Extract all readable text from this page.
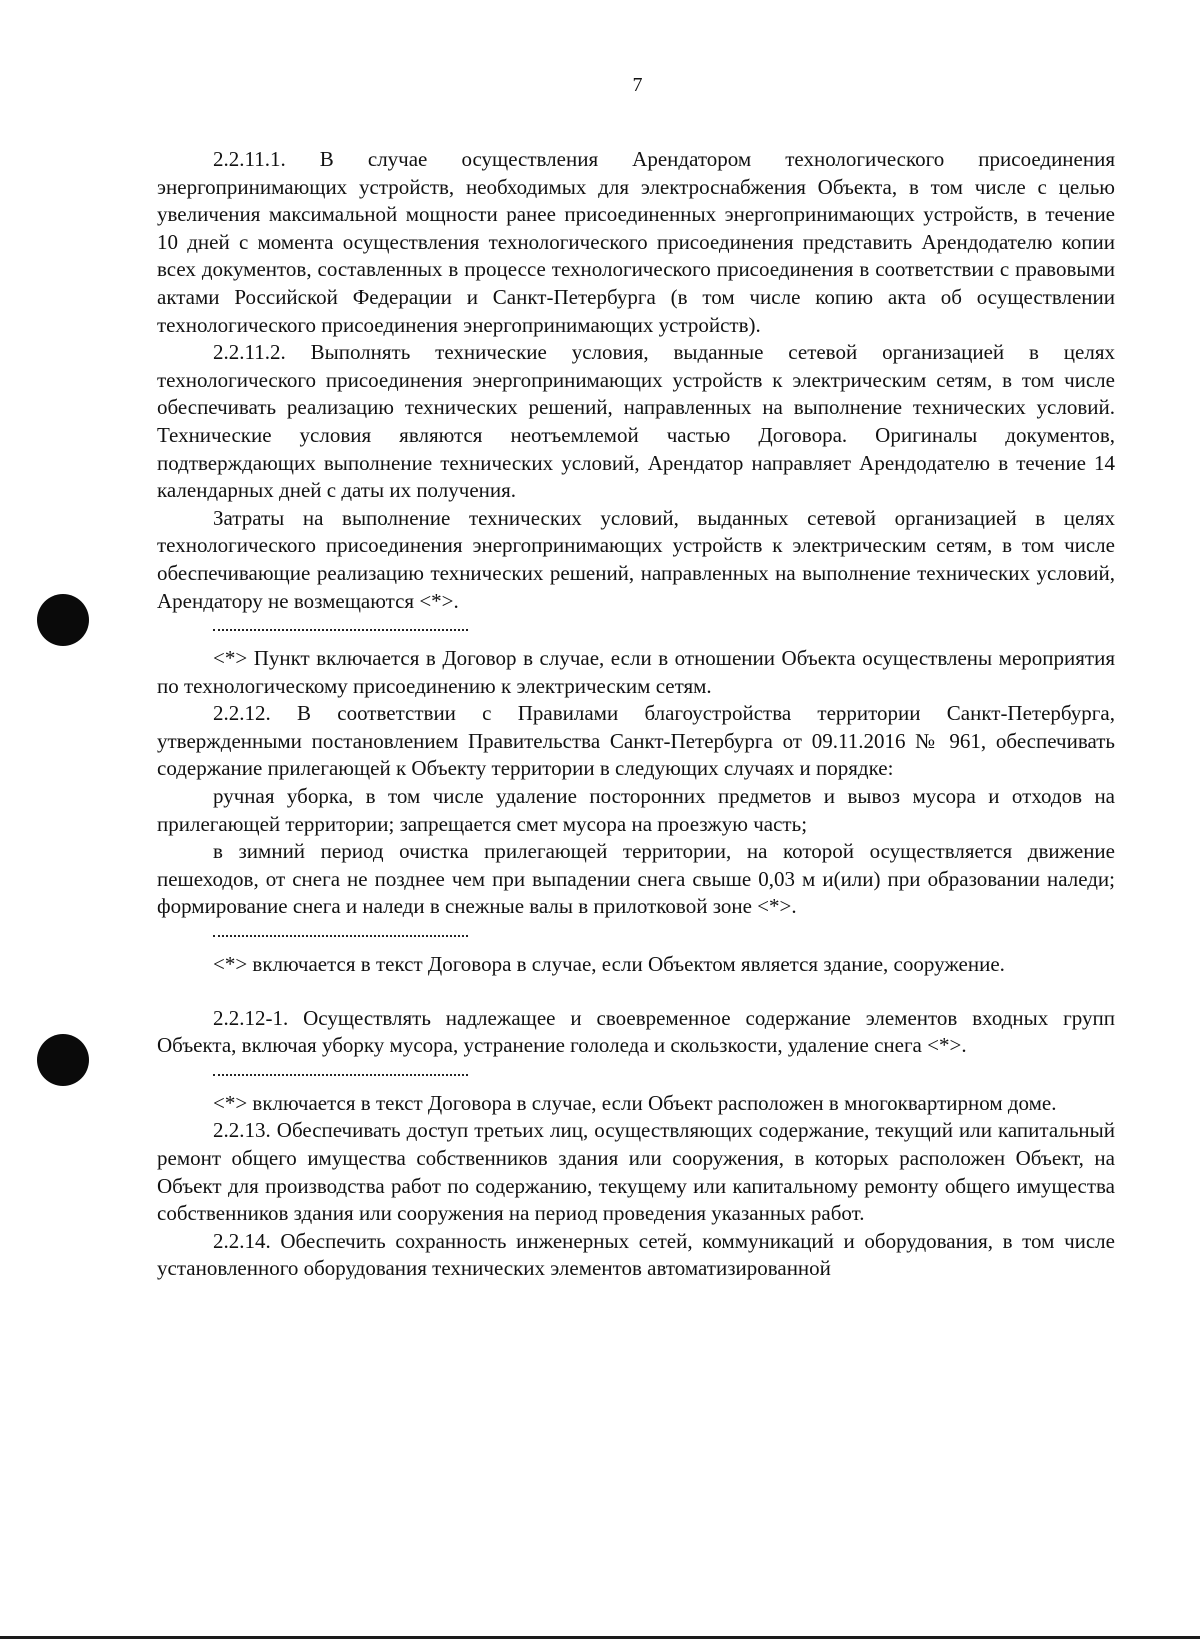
7

2.2.11.1. В случае осуществления Арендатором технологического присоединения энергопринимающих устройств, необходимых для электроснабжения Объекта, в том числе с целью увеличения максимальной мощности ранее присоединенных энергопринимающих устройств, в течение 10 дней с момента осуществления технологического присоединения представить Арендодателю копии всех документов, составленных в процессе технологического присоединения в соответствии с правовыми актами Российской Федерации и Санкт-Петербурга (в том числе копию акта об осуществлении технологического присоединения энергопринимающих устройств).

2.2.11.2. Выполнять технические условия, выданные сетевой организацией в целях технологического присоединения энергопринимающих устройств к электрическим сетям, в том числе обеспечивать реализацию технических решений, направленных на выполнение технических условий. Технические условия являются неотъемлемой частью Договора. Оригиналы документов, подтверждающих выполнение технических условий, Арендатор направляет Арендодателю в течение 14 календарных дней с даты их получения.

Затраты на выполнение технических условий, выданных сетевой организацией в целях технологического присоединения энергопринимающих устройств к электрическим сетям, в том числе обеспечивающие реализацию технических решений, направленных на выполнение технических условий, Арендатору не возмещаются <*>.

<*> Пункт включается в Договор в случае, если в отношении Объекта осуществлены мероприятия по технологическому присоединению к электрическим сетям.

2.2.12. В соответствии с Правилами благоустройства территории Санкт-Петербурга, утвержденными постановлением Правительства Санкт-Петербурга от 09.11.2016 № 961, обеспечивать содержание прилегающей к Объекту территории в следующих случаях и порядке:

ручная уборка, в том числе удаление посторонних предметов и вывоз мусора и отходов на прилегающей территории; запрещается смет мусора на проезжую часть;

в зимний период очистка прилегающей территории, на которой осуществляется движение пешеходов, от снега не позднее чем при выпадении снега свыше 0,03 м и(или) при образовании наледи; формирование снега и наледи в снежные валы в прилотковой зоне <*>.

<*> включается в текст Договора в случае, если Объектом является здание, сооружение.

2.2.12-1. Осуществлять надлежащее и своевременное содержание элементов входных групп Объекта, включая уборку мусора, устранение гололеда и скользкости, удаление снега <*>.

<*> включается в текст Договора в случае, если Объект расположен в многоквартирном доме.

2.2.13. Обеспечивать доступ третьих лиц, осуществляющих содержание, текущий или капитальный ремонт общего имущества собственников здания или сооружения, в которых расположен Объект, на Объект для производства работ по содержанию, текущему или капитальному ремонту общего имущества собственников здания или сооружения на период проведения указанных работ.

2.2.14. Обеспечить сохранность инженерных сетей, коммуникаций и оборудования, в том числе установленного оборудования технических элементов автоматизированной
